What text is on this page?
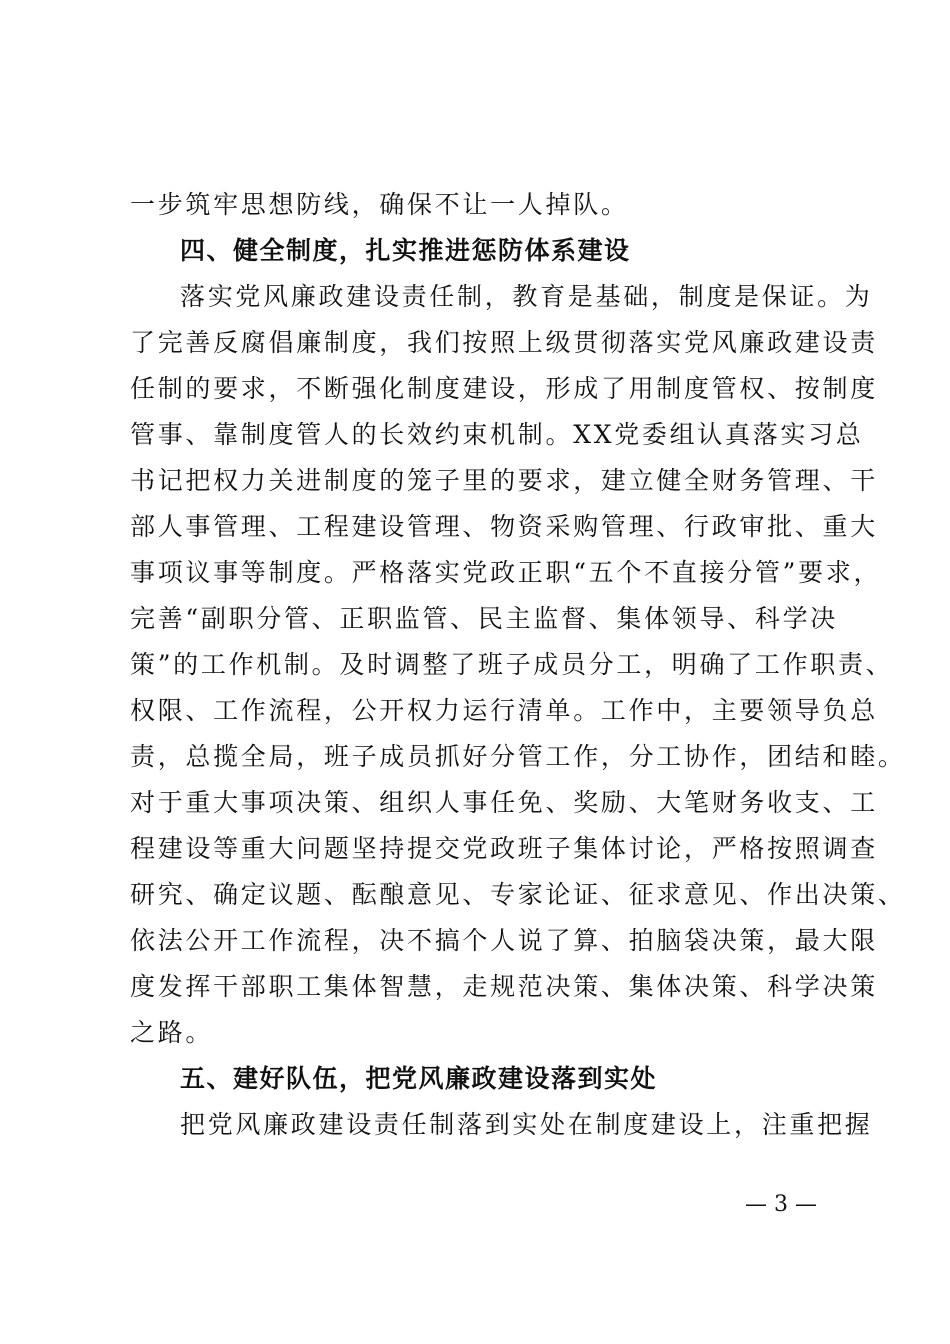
一步筑牢思想防线，确保不让一人掉队。
四、健全制度，扎实推进惩防体系建设
落实党风廉政建设责任制，教育是基础，制度是保证。为
了完善反腐倡廉制度，我们按照上级贯彻落实党风廉政建设责
任制的要求，不断强化制度建设，形成了用制度管权、按制度
管事、靠制度管人的长效约束机制。XX党委组认真落实习总
书记把权力关进制度的笼子里的要求，建立健全财务管理、干
部人事管理、工程建设管理、物资采购管理、行政审批、重大
事项议事等制度。严格落实党政正职“五个不直接分管”要求，
完善“副职分管、正职监管、民主监督、集体领导、科学决
策”的工作机制。及时调整了班子成员分工，明确了工作职责、
权限、工作流程，公开权力运行清单。工作中，主要领导负总
责，总揽全局，班子成员抓好分管工作，分工协作，团结和睦。
对于重大事项决策、组织人事任免、奖励、大笔财务收支、工
程建设等重大问题坚持提交党政班子集体讨论，严格按照调查
研究、确定议题、酝酿意见、专家论证、征求意见、作出决策、
依法公开工作流程，决不搞个人说了算、拍脑袋决策，最大限
度发挥干部职工集体智慧，走规范决策、集体决策、科学决策
之路。
五、建好队伍，把党风廉政建设落到实处
把党风廉政建设责任制落到实处在制度建设上，注重把握
— 3 —
